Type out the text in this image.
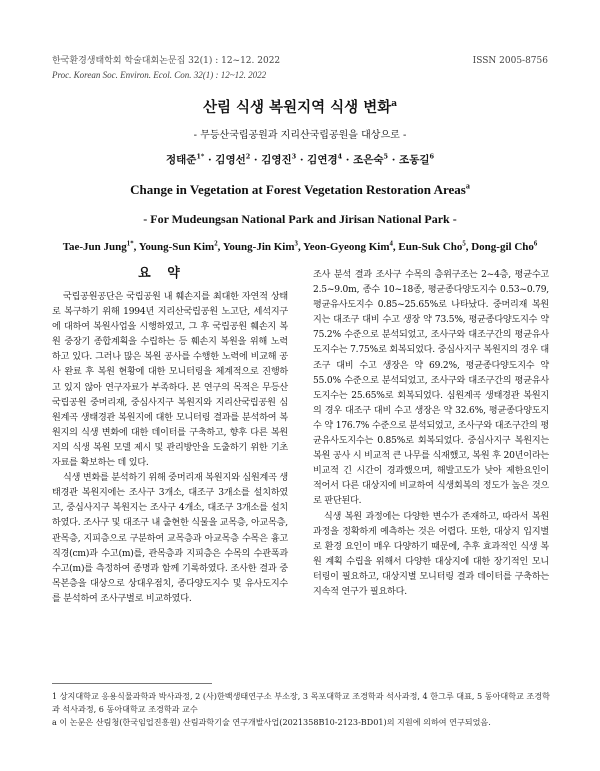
한국환경생태학회 학술대회논문집 32(1) : 12~12. 2022	ISSN 2005-8756
Proc. Korean Soc. Environ. Ecol. Con. 32(1) : 12~12. 2022
산림 식생 복원지역 식생 변화$^a$
- 무등산국립공원과 지리산국립공원을 대상으로 -
정태준$^{1*}$ · 김영선$^2$ · 김영진$^3$ · 김연경$^4$ · 조은숙$^5$ · 조동길$^6$
Change in Vegetation at Forest Vegetation Restoration Areas$^a$
- For Mudeungsan National Park and Jirisan National Park -
Tae-Jun Jung$^{1*}$, Young-Sun Kim$^2$, Young-Jin Kim$^3$, Yeon-Gyeong Kim$^4$, Eun-Suk Cho$^5$, Dong-gil Cho$^6$
요 약

국립공원공단은 국립공원 내 훼손지를 최대한 자연적 상태로 복구하기 위해 1994년 지리산국립공원 노고단, 세석지구에 대하여 복원사업을 시행하였고, 그 후 국립공원 훼손지 복원 중장기 종합계획을 수립하는 등 훼손지 복원을 위해 노력하고 있다. 그러나 많은 복원 공사를 수행한 노력에 비교해 공사 완료 후 복원 현황에 대한 모니터링을 체계적으로 진행하고 있지 않아 연구자료가 부족하다. 본 연구의 목적은 무등산국립공원 중머리재, 중심사지구 복원지와 지리산국립공원 심원계곡 생태경관 복원지에 대한 모니터링 결과를 분석하여 복원지의 식생 변화에 대한 데이터를 구축하고, 향후 다른 복원지의 식생 복원 모델 제시 및 관리방안을 도출하기 위한 기초자료를 확보하는 데 있다.

식생 변화를 분석하기 위해 중머리재 복원지와 심원계곡 생태경관 복원지에는 조사구 3개소, 대조구 3개소를 설치하였고, 중심사지구 복원지는 조사구 4개소, 대조구 3개소를 설치하였다. 조사구 및 대조구 내 출현한 식물을 교목층, 아교목층, 관목층, 지피층으로 구분하여 교목층과 아교목층 수목은 흉고직경(cm)과 수고(m)를, 관목층과 지피층은 수목의 수관폭과 수고(m)를 측정하여 종명과 함께 기록하였다. 조사한 결과 중 목본층을 대상으로 상대우점치, 종다양도지수 및 유사도지수를 분석하여 조사구별로 비교하였다.

조사 분석 결과 조사구 수목의 층위구조는 2~4층, 평균수고 2.5~9.0m, 종수 10~18종, 평균종다양도지수 0.53~0.79, 평균유사도지수 0.85~25.65%로 나타났다. 중머리재 복원지는 대조구 대비 수고 생장 약 73.5%, 평균종다양도지수 약 75.2% 수준으로 분석되었고, 조사구와 대조구간의 평균유사도지수는 7.75%로 회복되었다. 중심사지구 복원지의 경우 대조구 대비 수고 생장은 약 69.2%, 평균종다양도지수 약 55.0% 수준으로 분석되었고, 조사구와 대조구간의 평균유사도지수는 25.65%로 회복되었다. 심원계곡 생태경관 복원지의 경우 대조구 대비 수고 생장은 약 32.6%, 평균종다양도지수 약 176.7% 수준으로 분석되었고, 조사구와 대조구간의 평균유사도지수는 0.85%로 회복되었다. 중심사지구 복원지는 복원 공사 시 비교적 큰 나무를 식재했고, 복원 후 20년이라는 비교적 긴 시간이 경과했으며, 해발고도가 낮아 제한요인이 적어서 다른 대상지에 비교하여 식생회복의 정도가 높은 것으로 판단된다.

식생 복원 과정에는 다양한 변수가 존재하고, 따라서 복원 과정을 정확하게 예측하는 것은 어렵다. 또한, 대상지 입지별로 환경 요인이 매우 다양하기 때문에, 추후 효과적인 식생 복원 계획 수립을 위해서 다양한 대상지에 대한 장기적인 모니터링이 필요하고, 대상지별 모니터링 결과 데이터를 구축하는 지속적 연구가 필요하다.

1 상지대학교 응용식물과학과 박사과정, 2 (사)한백생태연구소 부소장, 3 목포대학교 조경학과 석사과정, 4 한그루 대표, 5 동아대학교 조경학과 석사과정, 6 동아대학교 조경학과 교수
a 이 논문은 산림청(한국임업진흥원) 산림과학기술 연구개발사업(2021358B10-2123-BD01)의 지원에 의하여 연구되었음.
